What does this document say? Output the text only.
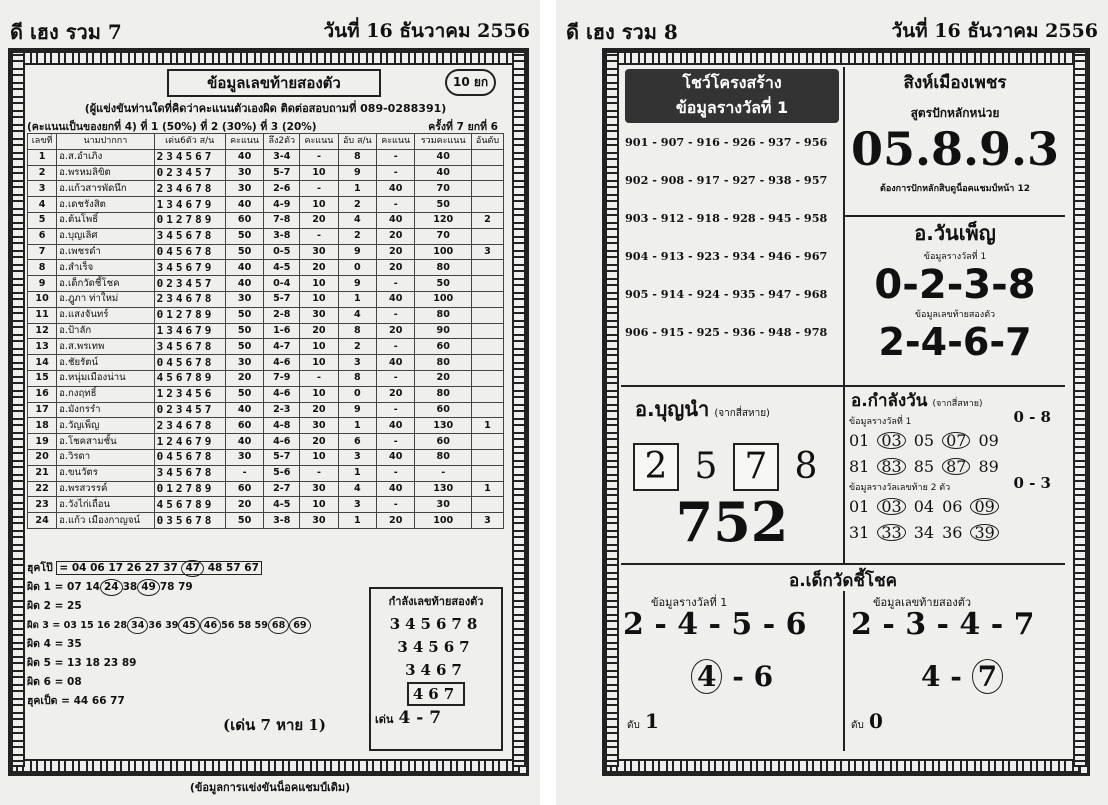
ดี เฮง รวม 7	วันที่ 16 ธันวาคม 2556
ข้อมูลเลขท้ายสองตัว	10 ยก
(ผู้แข่งขันท่านใดที่คิดว่าคะแนนตัวเองผิด ติดต่อสอบถามที่ 089-0288391)
(คะแนนเป็นของยกที่ 4) ที่ 1 (50%) ที่ 2 (30%) ที่ 3 (20%)	ครั้งที่ 7 ยกที่ 6
เลขที่	นามปากกา	เด่น6ตัว ส/น	คะแนน	ลึง2ตัว	คะแนน	อับ ส/น	คะแนน	รวมคะแนน	อันดับ
1	อ.ส.อำเภิง	234567	40	3-4	-	8	-	40	
2	อ.พรหมลิขิต	023457	30	5-7	10	9	-	40	
3	อ.แก้วสารพัดนึก	234678	30	2-6	-	1	40	70	
4	อ.เดชรังสิต	134679	40	4-9	10	2	-	50	
5	อ.ต้นโพธิ์	012789	60	7-8	20	4	40	120	2
6	อ.บุญเลิศ	345678	50	3-8	-	2	20	70	
7	อ.เพชรดำ	045678	50	0-5	30	9	20	100	3
8	อ.สำเร็จ	345679	40	4-5	20	0	20	80	
9	อ.เด็กวัดชี้โชค	023457	40	0-4	10	9	-	50	
10	อ.ฎูภา ท่าใหม่	234678	30	5-7	10	1	40	100	
11	อ.แสงจันทร์	012789	50	2-8	30	4	-	80	
12	อ.ป้าลัก	134679	50	1-6	20	8	20	90	
13	อ.ส.พรเทพ	345678	50	4-7	10	2	-	60	
14	อ.ชัยรัตน์	045678	30	4-6	10	3	40	80	
15	อ.หนุ่มเมืองน่าน	456789	20	7-9	-	8	-	20	
16	อ.กงฤทธิ์	123456	50	4-6	10	0	20	80	
17	อ.มังกรรำ	023457	40	2-3	20	9	-	60	
18	อ.วัญเพ็ญ	234678	60	4-8	30	1	40	130	1
19	อ.โชคสามชั้น	124679	40	4-6	20	6	-	60	
20	อ.วิรดา	045678	30	5-7	10	3	40	80	
21	อ.ขนวัตร	345678	-	5-6	-	1	-	-	
22	อ.พรสวรรค์	012789	60	2-7	30	4	40	130	1
23	อ.วังไก่เถื่อน	456789	20	4-5	10	3	-	30	
24	อ.แก้ว เมืองกาญจน์	035678	50	3-8	30	1	20	100	3
ฮุคโป๊ = 04 06 17 26 27 37 47 48 57 67
ผิด 1 = 07 14 24 38 49 78 79
ผิด 2 = 25
ผิด 3 = 03 15 16 28 34 36 39 45 46 56 58 59 68 69
ผิด 4 = 35
ผิด 5 = 13 18 23 89
ผิด 6 = 08
ฮุคเป็ด = 44 66 77
(เด่น 7 หาย 1)
กำลังเลขท้ายสองตัว
345678
34567
3467
467
เด่น 4 - 7
(ข้อมูลการแข่งขันน็อคแชมป์เดิม)
ดี เฮง รวม 8	วันที่ 16 ธันวาคม 2556
โชว์โครงสร้าง
ข้อมูลรางวัลที่ 1
901 - 907 - 916 - 926 - 937 - 956
902 - 908 - 917 - 927 - 938 - 957
903 - 912 - 918 - 928 - 945 - 958
904 - 913 - 923 - 934 - 946 - 967
905 - 914 - 924 - 935 - 947 - 968
906 - 915 - 925 - 936 - 948 - 978
สิงห์เมืองเพชร
สูตรปักหลักหน่วย
05.8.9.3
ต้องการปักหลักสิบดูน็อคแชมป์หน้า 12
อ.วันเพ็ญ
ข้อมูลรางวัลที่ 1
0-2-3-8
ข้อมูลเลขท้ายสองตัว
2-4-6-7
อ.บุญนำ (จากสี่สหาย)
2 5 7 8
752
อ.กำลังวัน (จากสี่สหาย)
ข้อมูลรางวัลที่ 1	0 - 8
01 03 05 07 09
81 83 85 87 89
ข้อมูลรางวัลเลขท้าย 2 ตัว	0 - 3
01 03 04 06 09
31 33 34 36 39
อ.เด็กวัดชี้โชค
ข้อมูลรางวัลที่ 1	ข้อมูลเลขท้ายสองตัว
2 - 4 - 5 - 6 2 - 3 - 4 - 7
4 - 6	4 - 7
ดับ 1	ดับ 0
